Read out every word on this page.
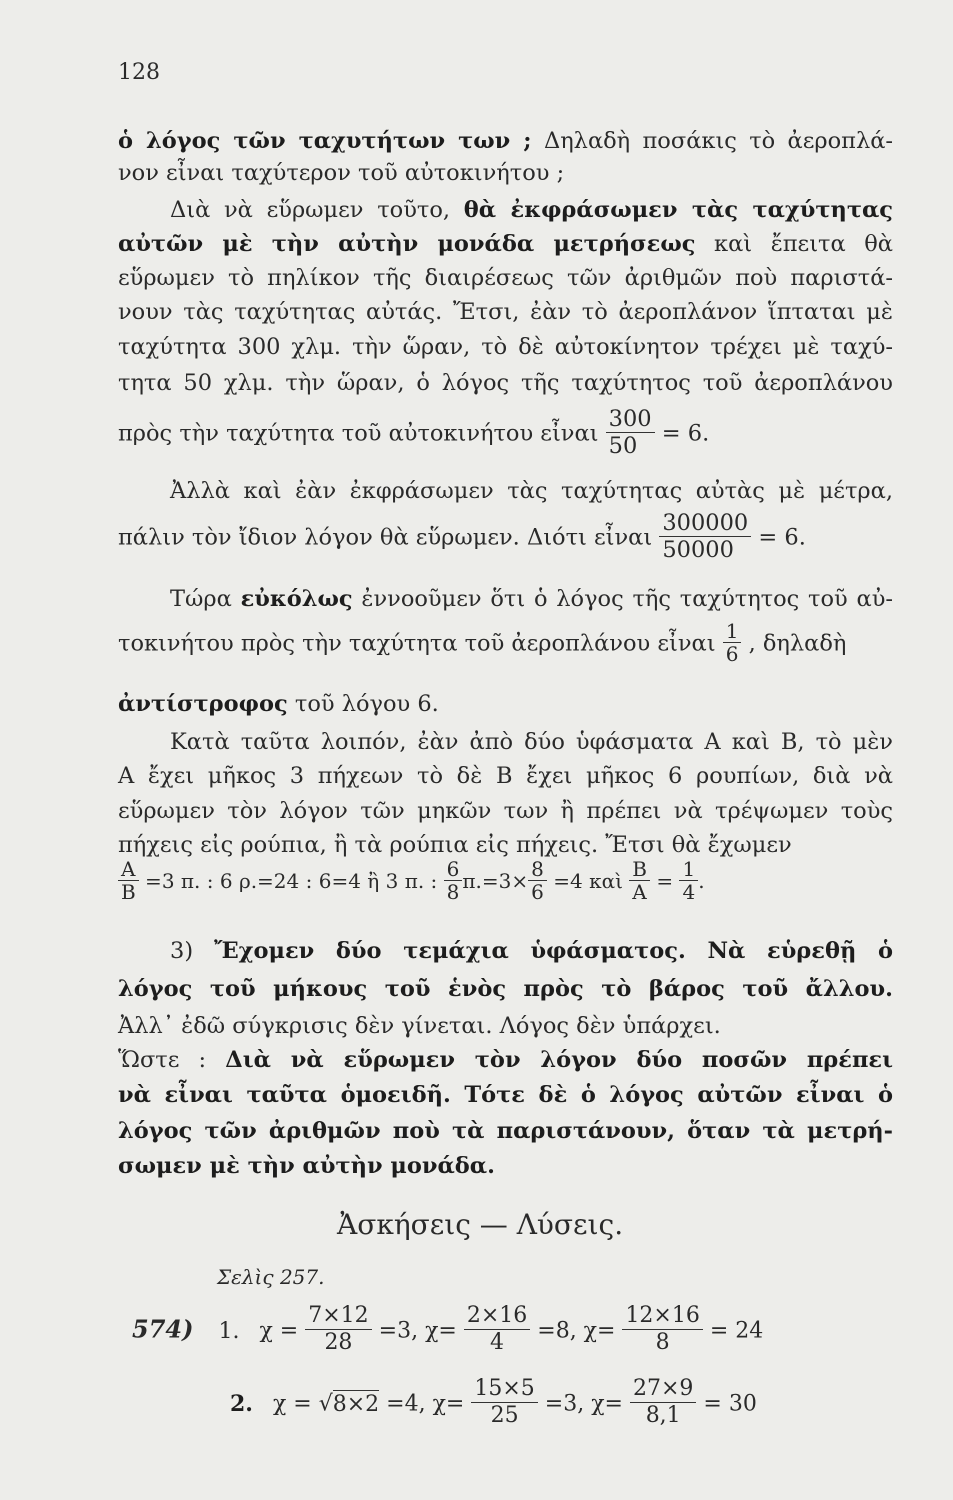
128
ὁ λόγος τῶν ταχυτήτων των ; Δηλαδὴ ποσάκις τὸ ἀεροπλά-
νον εἶναι ταχύτερον τοῦ αὐτοκινήτου ;
Διὰ νὰ εὕρωμεν τοῦτο, θὰ ἐκφράσωμεν τὰς ταχύτητας
αὐτῶν μὲ τὴν αὐτὴν μονάδα μετρήσεως καὶ ἔπειτα θὰ
εὕρωμεν τὸ πηλίκον τῆς διαιρέσεως τῶν ἀριθμῶν ποὺ παριστά-
νουν τὰς ταχύτητας αὐτάς. Ἔτσι, ἐὰν τὸ ἀεροπλάνον ἵπταται μὲ
ταχύτητα 300 χλμ. τὴν ὥραν, τὸ δὲ αὐτοκίνητον τρέχει μὲ ταχύ-
τητα 50 χλμ. τὴν ὥραν, ὁ λόγος τῆς ταχύτητος τοῦ ἀεροπλάνου
πρὸς τὴν ταχύτητα τοῦ αὐτοκινήτου εἶναι $\frac{300}{50} = 6$.
Ἀλλὰ καὶ ἐὰν ἐκφράσωμεν τὰς ταχύτητας αὐτὰς μὲ μέτρα,
πάλιν τὸν ἴδιον λόγον θὰ εὕρωμεν. Διότι εἶναι $\frac{300000}{50000} = 6$.
Τώρα εὐκόλως ἐννοοῦμεν ὅτι ὁ λόγος τῆς ταχύτητος τοῦ αὐ-
τοκινήτου πρὸς τὴν ταχύτητα τοῦ ἀεροπλάνου εἶναι $\frac{1}{6}$ , δηλαδὴ
ἀντίστροφος τοῦ λόγου 6.
Κατὰ ταῦτα λοιπόν, ἐὰν ἀπὸ δύο ὑφάσματα Α καὶ Β, τὸ μὲν
Α ἔχει μῆκος 3 πήχεων τὸ δὲ Β ἔχει μῆκος 6 ρουπίων, διὰ νὰ
εὕρωμεν τὸν λόγον τῶν μηκῶν των ἢ πρέπει νὰ τρέψωμεν τοὺς
πήχεις εἰς ρούπια, ἢ τὰ ρούπια εἰς πήχεις. Ἔτσι θὰ ἔχωμεν
$\frac{A}{B} =3$ π. : 6 ρ.=24 : 6=4 ἢ 3 π. : $\frac{6}{8} \pi.=3\times \frac{8}{6} =4$ καὶ $\frac{B}{A} = \frac{1}{4}$ .
3) Ἔχομεν δύο τεμάχια ὑφάσματος. Νὰ εὑρεθῇ ὁ
λόγος τοῦ μήκους τοῦ ἑνὸς πρὸς τὸ βάρος τοῦ ἄλλου.
Ἀλλ᾽ ἐδῶ σύγκρισις δὲν γίνεται. Λόγος δὲν ὑπάρχει.
Ὥστε : Διὰ νὰ εὕρωμεν τὸν λόγον δύο ποσῶν πρέπει
νὰ εἶναι ταῦτα ὁμοειδῆ. Τότε δὲ ὁ λόγος αὐτῶν εἶναι ὁ
λόγος τῶν ἀριθμῶν ποὺ τὰ παριστάνουν, ὅταν τὰ μετρή-
σωμεν μὲ τὴν αὐτὴν μονάδα.
Ἀσκήσεις — Λύσεις.
Σελὶς 257.
574) 1. $\chi = \frac{7\times 12}{28} =3$, $\chi= \frac{2\times 16}{4} =8$, $\chi= \frac{12\times 16}{8} = 24$
2. χ = √8×2 =4, $\chi= \frac{15\times 5}{25} =3$, $\chi= \frac{27\times 9}{8,1} = 30$
